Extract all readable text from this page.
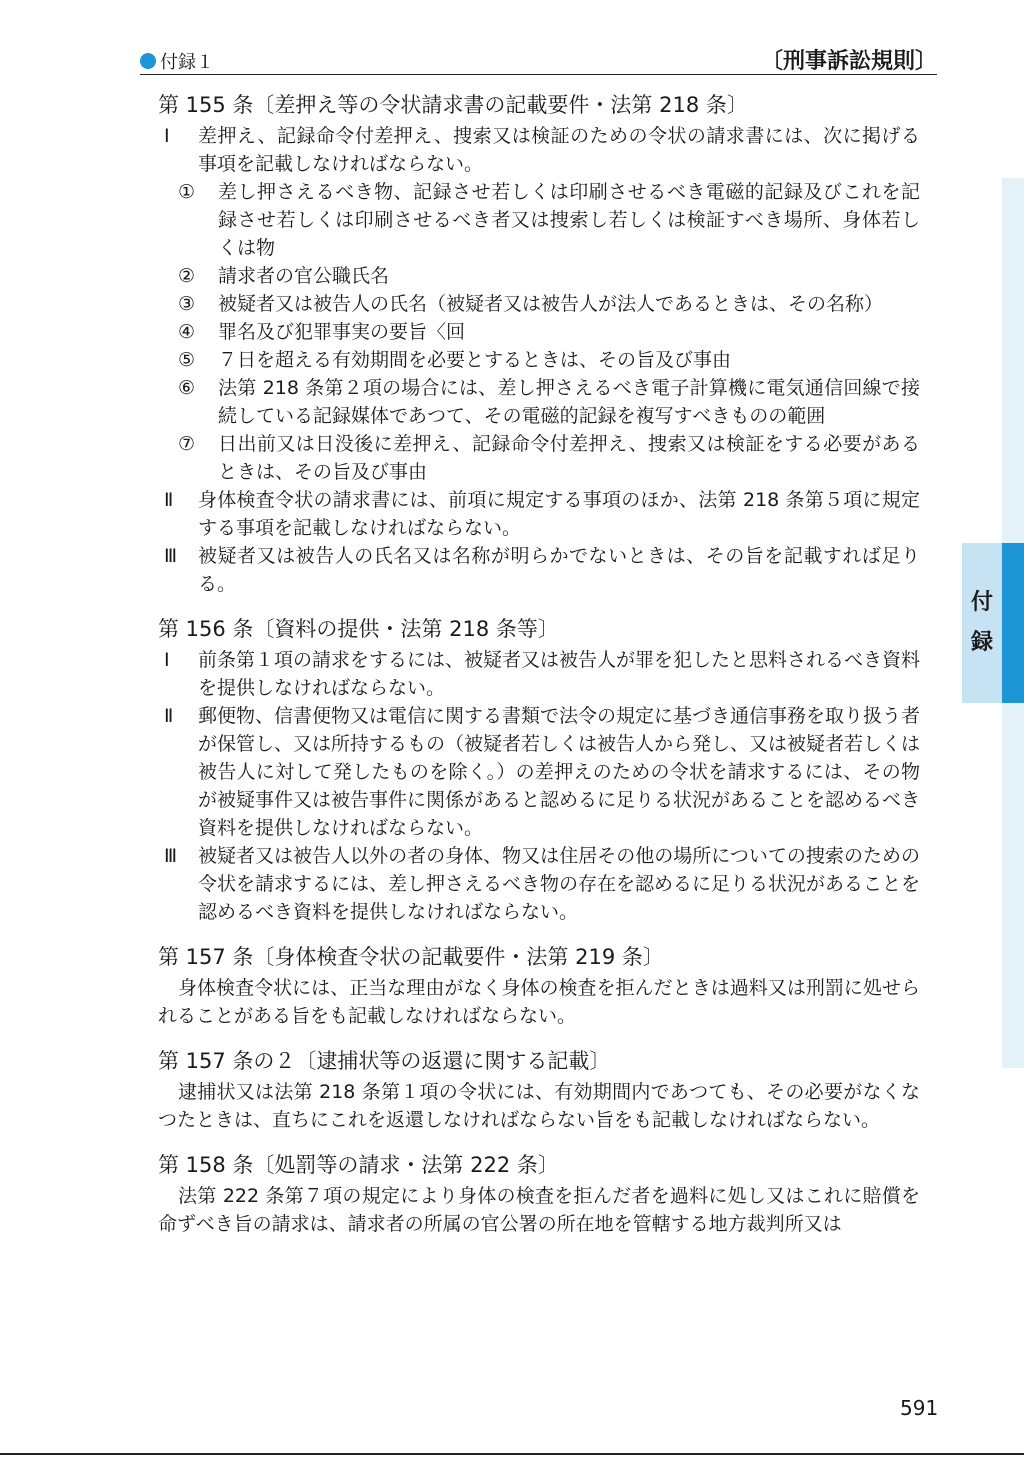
付録１	〔刑事訴訟規則〕
第 155 条〔差押え等の令状請求書の記載要件・法第 218 条〕
Ⅰ	差押え、記録命令付差押え、捜索又は検証のための令状の請求書には、次に掲げる事項を記載しなければならない。
①	差し押さえるべき物、記録させ若しくは印刷させるべき電磁的記録及びこれを記録させ若しくは印刷させるべき者又は捜索し若しくは検証すべき場所、身体若しくは物
②	請求者の官公職氏名
③	被疑者又は被告人の氏名（被疑者又は被告人が法人であるときは、その名称）
④	罪名及び犯罪事実の要旨〈回
⑤	７日を超える有効期間を必要とするときは、その旨及び事由
⑥	法第 218 条第２項の場合には、差し押さえるべき電子計算機に電気通信回線で接続している記録媒体であつて、その電磁的記録を複写すべきものの範囲
⑦	日出前又は日没後に差押え、記録命令付差押え、捜索又は検証をする必要があるときは、その旨及び事由
Ⅱ	身体検査令状の請求書には、前項に規定する事項のほか、法第 218 条第５項に規定する事項を記載しなければならない。
Ⅲ	被疑者又は被告人の氏名又は名称が明らかでないときは、その旨を記載すれば足りる。
第 156 条〔資料の提供・法第 218 条等〕
Ⅰ	前条第１項の請求をするには、被疑者又は被告人が罪を犯したと思料されるべき資料を提供しなければならない。
Ⅱ	郵便物、信書便物又は電信に関する書類で法令の規定に基づき通信事務を取り扱う者が保管し、又は所持するもの（被疑者若しくは被告人から発し、又は被疑者若しくは被告人に対して発したものを除く。）の差押えのための令状を請求するには、その物が被疑事件又は被告事件に関係があると認めるに足りる状況があることを認めるべき資料を提供しなければならない。
Ⅲ	被疑者又は被告人以外の者の身体、物又は住居その他の場所についての捜索のための令状を請求するには、差し押さえるべき物の存在を認めるに足りる状況があることを認めるべき資料を提供しなければならない。
第 157 条〔身体検査令状の記載要件・法第 219 条〕
身体検査令状には、正当な理由がなく身体の検査を拒んだときは過料又は刑罰に処せられることがある旨をも記載しなければならない。
第 157 条の２〔逮捕状等の返還に関する記載〕
逮捕状又は法第 218 条第１項の令状には、有効期間内であつても、その必要がなくなつたときは、直ちにこれを返還しなければならない旨をも記載しなければならない。
第 158 条〔処罰等の請求・法第 222 条〕
法第 222 条第７項の規定により身体の検査を拒んだ者を過料に処し又はこれに賠償を命ずべき旨の請求は、請求者の所属の官公署の所在地を管轄する地方裁判所又は
付
録
591
